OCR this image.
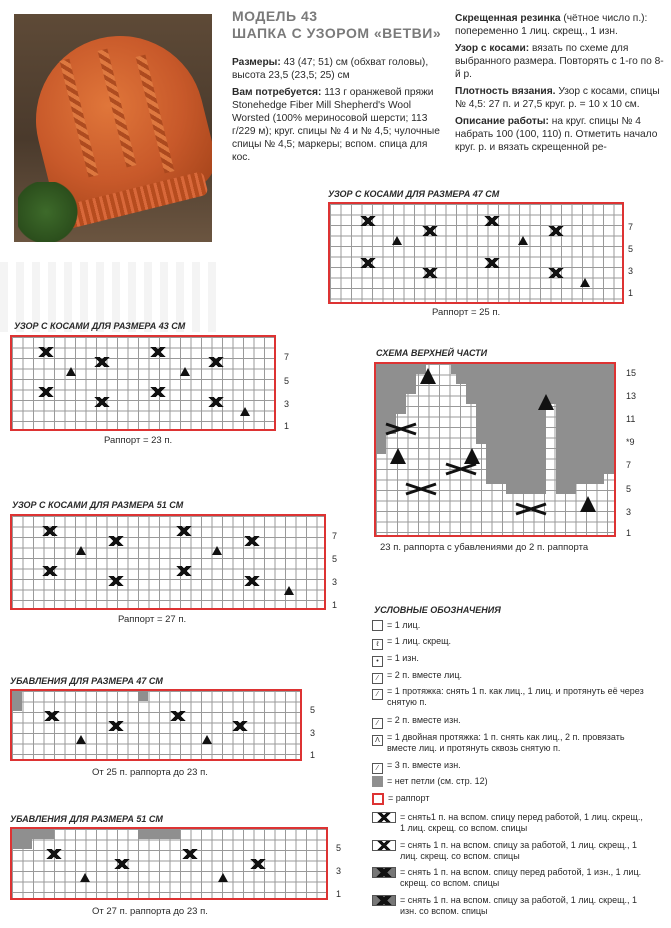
МОДЕЛЬ 43
ШАПКА С УЗОРОМ «ВЕТВИ»

Размеры: 43 (47; 51) см (обхват головы), высота 23,5 (23,5; 25) см

Вам потребуется: 113 г оранжевой пряжи Stonehedge Fiber Mill Shepherd's Wool Worsted (100% мериносовой шерсти; 113 г/229 м); круг. спицы № 4 и № 4,5; чулочные спицы № 4,5; маркеры; вспом. спица для кос.

Скрещенная резинка (чётное число п.): попеременно 1 лиц. скрещ., 1 изн.

Узор с косами: вязать по схеме для выбранного размера. Повторять с 1-го по 8-й р.

Плотность вязания. Узор с косами, спицы № 4,5: 27 п. и 27,5 круг. р. = 10 х 10 см.

Описание работы: на круг. спицы № 4 набрать 100 (100, 110) п. Отметить начало круг. р. и вязать скрещенной ре-

УЗОР С КОСАМИ ДЛЯ РАЗМЕРА 47 СМ
7
5
3
1
Раппорт = 25 п.
УЗОР С КОСАМИ ДЛЯ РАЗМЕРА 43 СМ
7
5
3
1
Раппорт = 23 п.
СХЕМА ВЕРХНЕЙ ЧАСТИ
15
13
11
*9
7
5
3
1
23 п. раппорта с убавлениями до 2 п. раппорта
УЗОР С КОСАМИ ДЛЯ РАЗМЕРА 51 СМ
7
5
3
1
Раппорт = 27 п.
УБАВЛЕНИЯ ДЛЯ РАЗМЕРА 47 СМ
5
3
1
От 25 п. раппорта до 23 п.
УБАВЛЕНИЯ ДЛЯ РАЗМЕРА 51 СМ
5
3
1
От 27 п. раппорта до 23 п.
УСЛОВНЫЕ ОБОЗНАЧЕНИЯ
= 1 лиц.
ℓ = 1 лиц. скрещ.
• = 1 изн.
⁄ = 2 п. вместе лиц.
⁄ = 1 протяжка: снять 1 п. как лиц., 1 лиц. и протянуть её через снятую п.
⁄ = 2 п. вместе изн.
Λ = 1 двойная протяжка: 1 п. снять как лиц., 2 п. провязать вместе лиц. и протянуть сквозь снятую п.
⁄ = 3 п. вместе изн.
= нет петли (см. стр. 12)
= раппорт
= снять1 п. на вспом. спицу перед работой, 1 лиц. скрещ., 1 лиц. скрещ. со вспом. спицы
= снять 1 п. на вспом. спицу за работой, 1 лиц. скрещ., 1 лиц. скрещ. со вспом. спицы
= снять 1 п. на вспом. спицу перед работой, 1 изн., 1 лиц. скрещ. со вспом. спицы
= снять 1 п. на вспом. спицу за работой, 1 лиц. скрещ., 1 изн. со вспом. спицы
